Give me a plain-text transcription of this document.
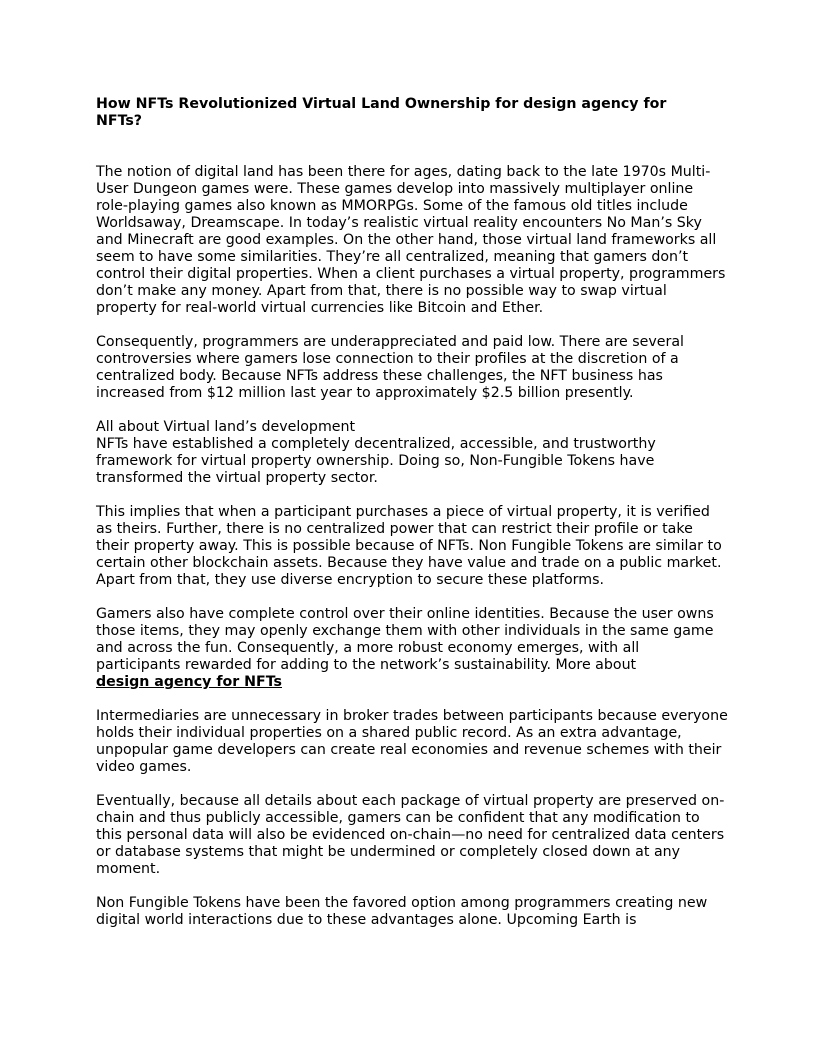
How NFTs Revolutionized Virtual Land Ownership for design agency for NFTs?

The notion of digital land has been there for ages, dating back to the late 1970s Multi-User Dungeon games were. These games develop into massively multiplayer online role-playing games also known as MMORPGs. Some of the famous old titles include Worldsaway, Dreamscape. In today’s realistic virtual reality encounters No Man’s Sky and Minecraft are good examples. On the other hand, those virtual land frameworks all seem to have some similarities. They’re all centralized, meaning that gamers don’t control their digital properties. When a client purchases a virtual property, programmers don’t make any money. Apart from that, there is no possible way to swap virtual property for real-world virtual currencies like Bitcoin and Ether.

Consequently, programmers are underappreciated and paid low. There are several controversies where gamers lose connection to their profiles at the discretion of a centralized body. Because NFTs address these challenges, the NFT business has increased from $12 million last year to approximately $2.5 billion presently.

All about Virtual land’s development

NFTs have established a completely decentralized, accessible, and trustworthy framework for virtual property ownership. Doing so, Non-Fungible Tokens have transformed the virtual property sector.

This implies that when a participant purchases a piece of virtual property, it is verified as theirs. Further, there is no centralized power that can restrict their profile or take their property away. This is possible because of NFTs. Non Fungible Tokens are similar to certain other blockchain assets. Because they have value and trade on a public market. Apart from that, they use diverse encryption to secure these platforms.

Gamers also have complete control over their online identities. Because the user owns those items, they may openly exchange them with other individuals in the same game and across the fun. Consequently, a more robust economy emerges, with all participants rewarded for adding to the network’s sustainability. More about
design agency for NFTs

Intermediaries are unnecessary in broker trades between participants because everyone holds their individual properties on a shared public record. As an extra advantage, unpopular game developers can create real economies and revenue schemes with their video games.

Eventually, because all details about each package of virtual property are preserved on-chain and thus publicly accessible, gamers can be confident that any modification to this personal data will also be evidenced on-chain—no need for centralized data centers or database systems that might be undermined or completely closed down at any moment.

Non Fungible Tokens have been the favored option among programmers creating new digital world interactions due to these advantages alone. Upcoming Earth is
